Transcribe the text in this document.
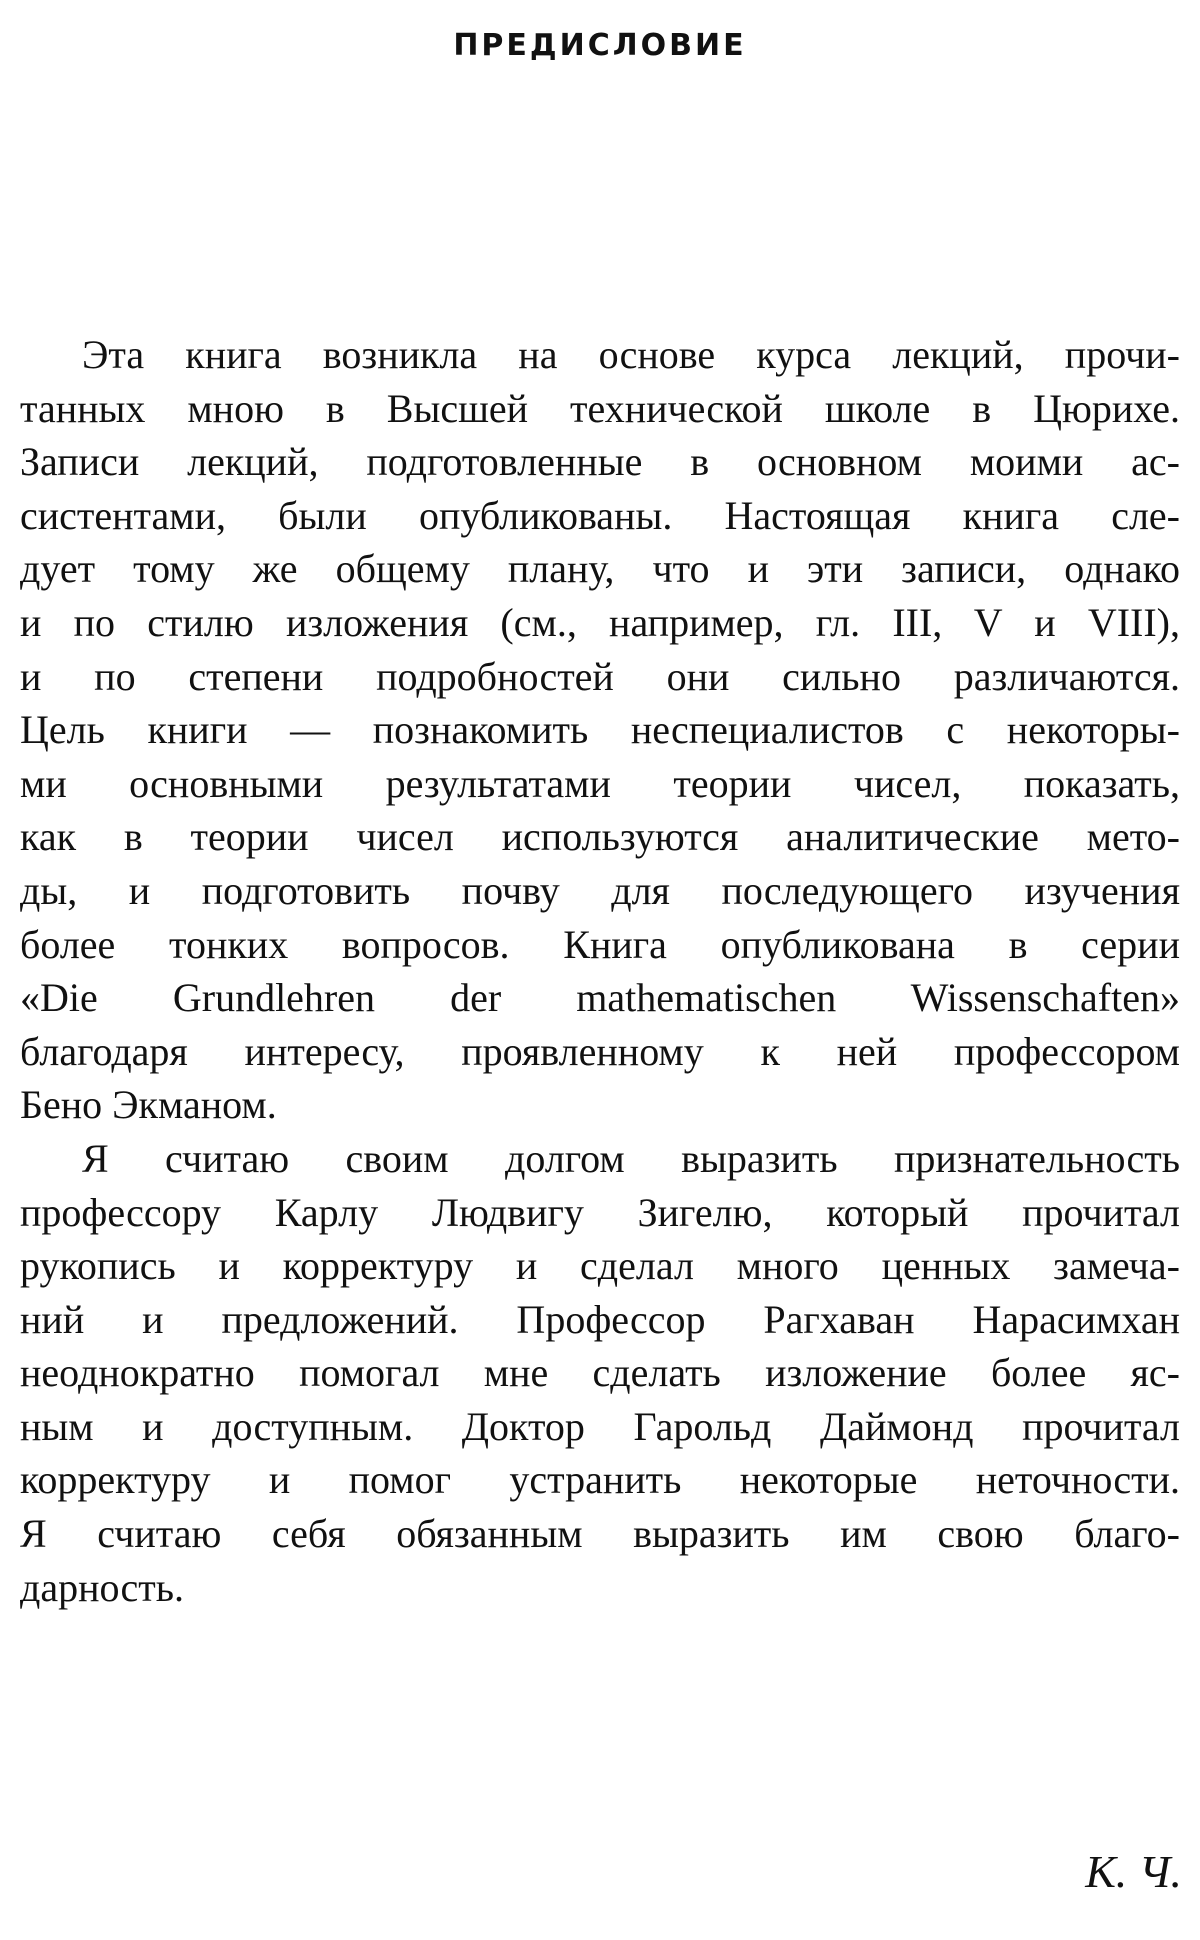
ПРЕДИСЛОВИЕ
Эта книга возникла на основе курса лекций, прочи-
танных мною в Высшей технической школе в Цюрихе.
Записи лекций, подготовленные в основном моими ас-
систентами, были опубликованы. Настоящая книга сле-
дует тому же общему плану, что и эти записи, однако
и по стилю изложения (см., например, гл. III, V и VIII),
и по степени подробностей они сильно различаются.
Цель книги — познакомить неспециалистов с некоторы-
ми основными результатами теории чисел, показать,
как в теории чисел используются аналитические мето-
ды, и подготовить почву для последующего изучения
более тонких вопросов. Книга опубликована в серии
«Die Grundlehren der mathematischen Wissenschaften»
благодаря интересу, проявленному к ней профессором
Бено Экманом.
Я считаю своим долгом выразить признательность
профессору Карлу Людвигу Зигелю, который прочитал
рукопись и корректуру и сделал много ценных замеча-
ний и предложений. Профессор Рагхаван Нарасимхан
неоднократно помогал мне сделать изложение более яс-
ным и доступным. Доктор Гарольд Даймонд прочитал
корректуру и помог устранить некоторые неточности.
Я считаю себя обязанным выразить им свою благо-
дарность.
К. Ч.
